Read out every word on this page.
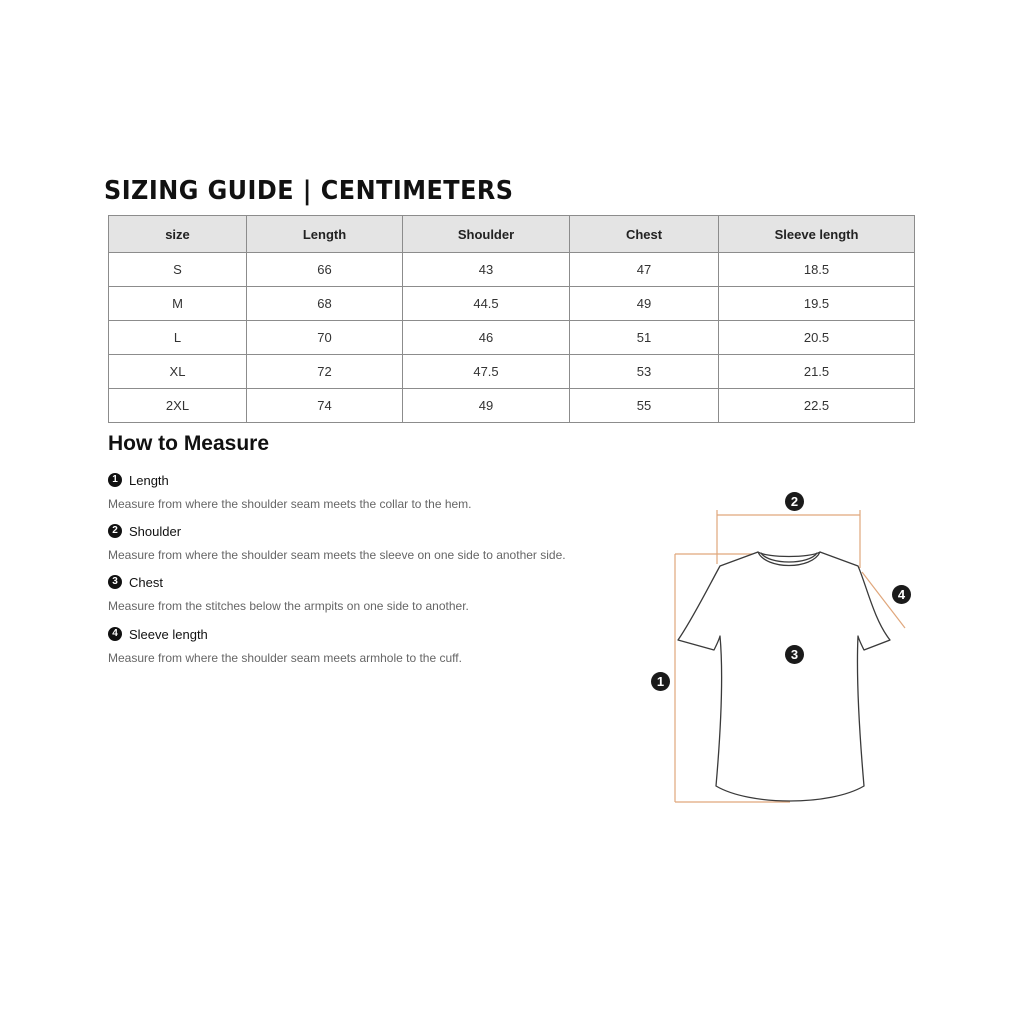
SIZING GUIDE | CENTIMETERS
size	Length	Shoulder	Chest	Sleeve length
S	66	43	47	18.5
M	68	44.5	49	19.5
L	70	46	51	20.5
XL	72	47.5	53	21.5
2XL	74	49	55	22.5
How to Measure
1 Length
Measure from where the shoulder seam meets the collar to the hem.
2 Shoulder
Measure from where the shoulder seam meets the sleeve on one side to another side.
3 Chest
Measure from the stitches below the armpits on one side to another.
4 Sleeve length
Measure from where the shoulder seam meets armhole to the cuff.
2
1
3
4
